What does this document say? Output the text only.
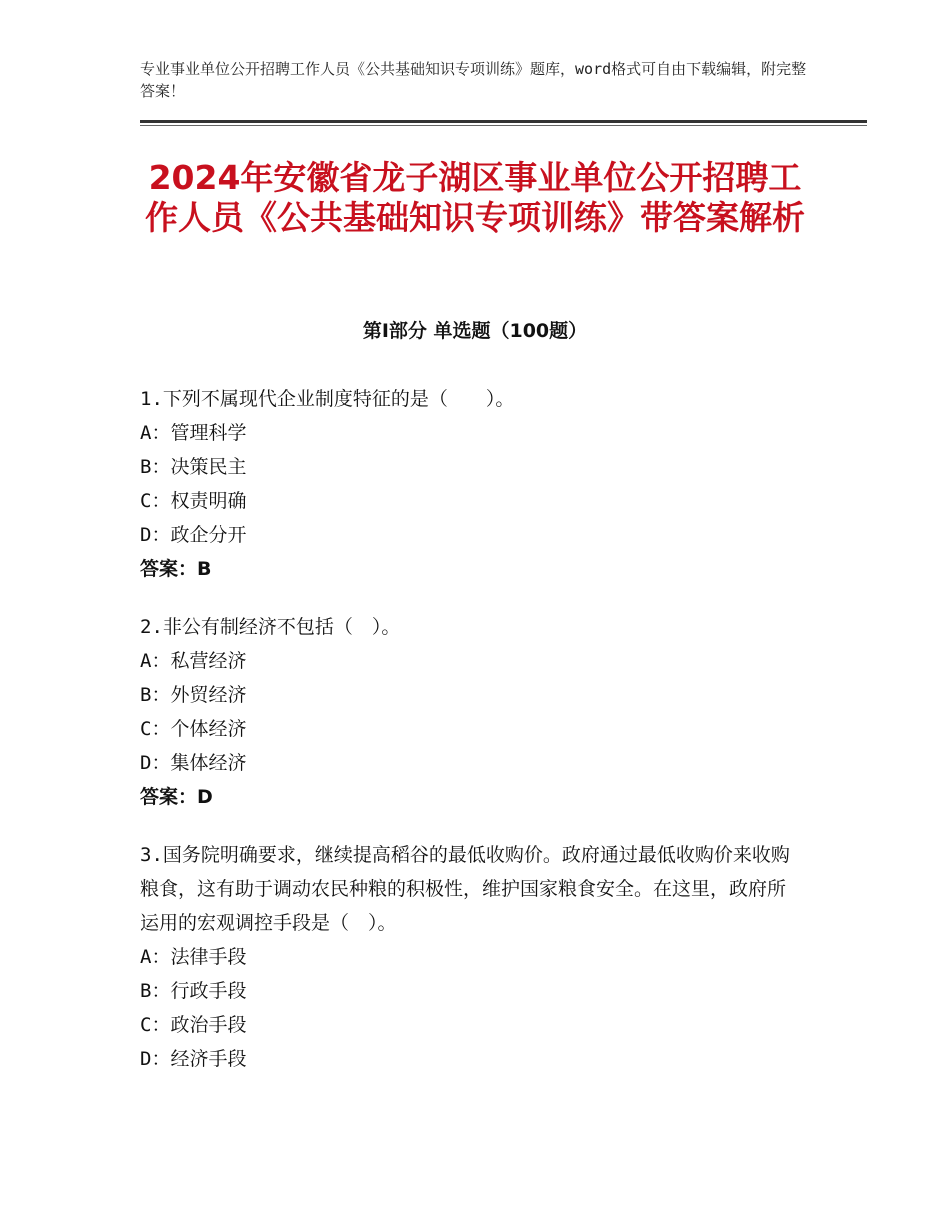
专业事业单位公开招聘工作人员《公共基础知识专项训练》题库，word格式可自由下载编辑，附完整答案！
2024年安徽省龙子湖区事业单位公开招聘工作人员《公共基础知识专项训练》带答案解析
第Ⅰ部分 单选题（100题）
1.下列不属现代企业制度特征的是（　　）。
A：管理科学
B：决策民主
C：权责明确
D：政企分开
答案：B
2.非公有制经济不包括（　）。
A：私营经济
B：外贸经济
C：个体经济
D：集体经济
答案：D
3.国务院明确要求，继续提高稻谷的最低收购价。政府通过最低收购价来收购粮食，这有助于调动农民种粮的积极性，维护国家粮食安全。在这里，政府所运用的宏观调控手段是（　）。
A：法律手段
B：行政手段
C：政治手段
D：经济手段
